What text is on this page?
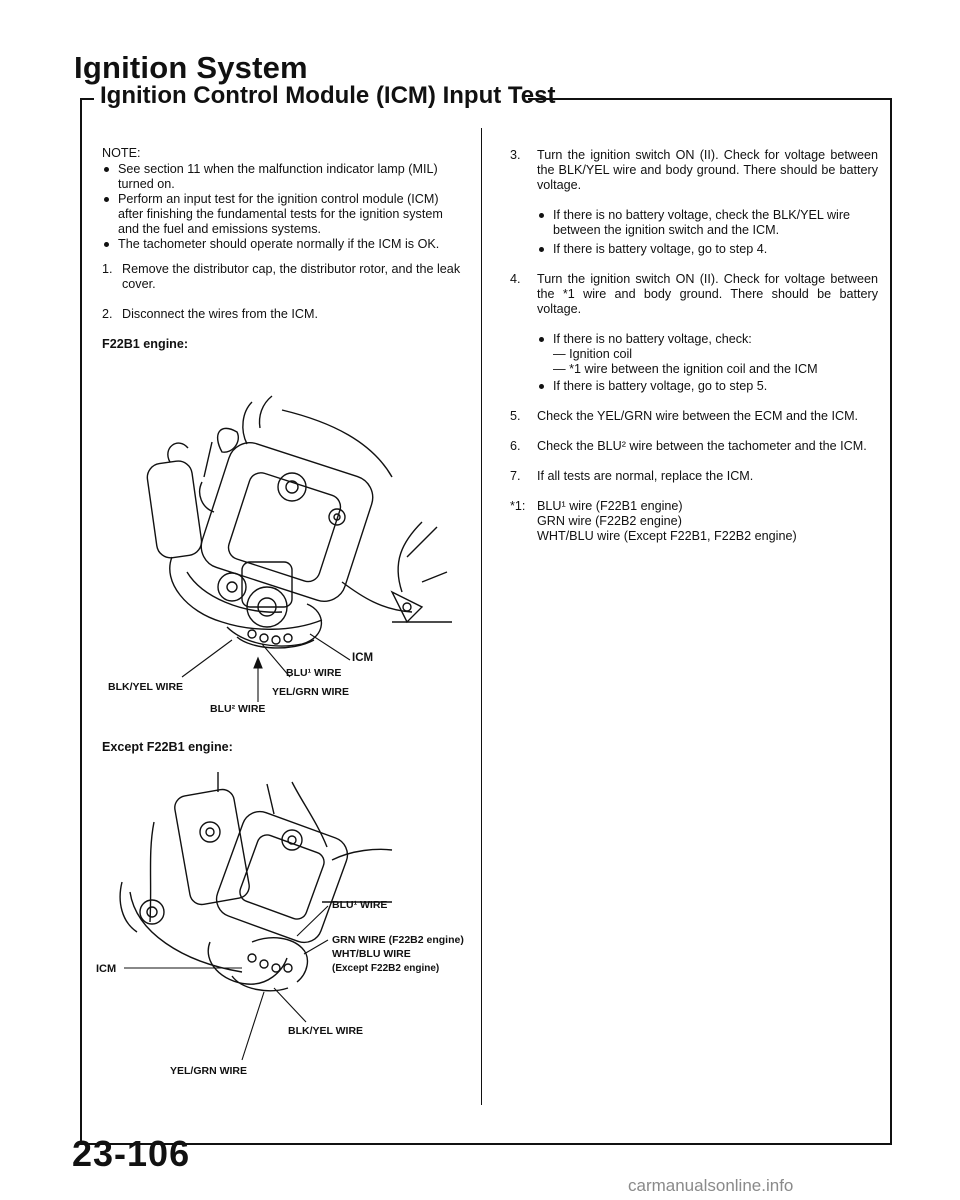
Ignition System
Ignition Control Module (ICM) Input Test
NOTE:
See section 11 when the malfunction indicator lamp (MIL) turned on.
Perform an input test for the ignition control module (ICM) after finishing the fundamental tests for the ignition system and the fuel and emissions systems.
The tachometer should operate normally if the ICM is OK.
1. Remove the distributor cap, the distributor rotor, and the leak cover.
2. Disconnect the wires from the ICM.
F22B1 engine:
ICM
BLU¹ WIRE
BLK/YEL WIRE	YEL/GRN WIRE
BLU² WIRE
Except F22B1 engine:
BLU¹ WIRE
GRN WIRE (F22B2 engine)
WHT/BLU WIRE
(Except F22B2 engine)
ICM
BLK/YEL WIRE
YEL/GRN WIRE
3.	Turn the ignition switch ON (II). Check for voltage between the BLK/YEL wire and body ground. There should be battery voltage.
If there is no battery voltage, check the BLK/YEL wire between the ignition switch and the ICM.
If there is battery voltage, go to step 4.
4.	Turn the ignition switch ON (II). Check for voltage between the *1 wire and body ground. There should be battery voltage.
If there is no battery voltage, check:
— Ignition coil
— *1 wire between the ignition coil and the ICM
If there is battery voltage, go to step 5.
5.	Check the YEL/GRN wire between the ECM and the ICM.
6.	Check the BLU² wire between the tachometer and the ICM.
7.	If all tests are normal, replace the ICM.
*1: BLU¹ wire (F22B1 engine)
GRN wire (F22B2 engine)
WHT/BLU wire (Except F22B1, F22B2 engine)
23-106
carmanualsonline.info
